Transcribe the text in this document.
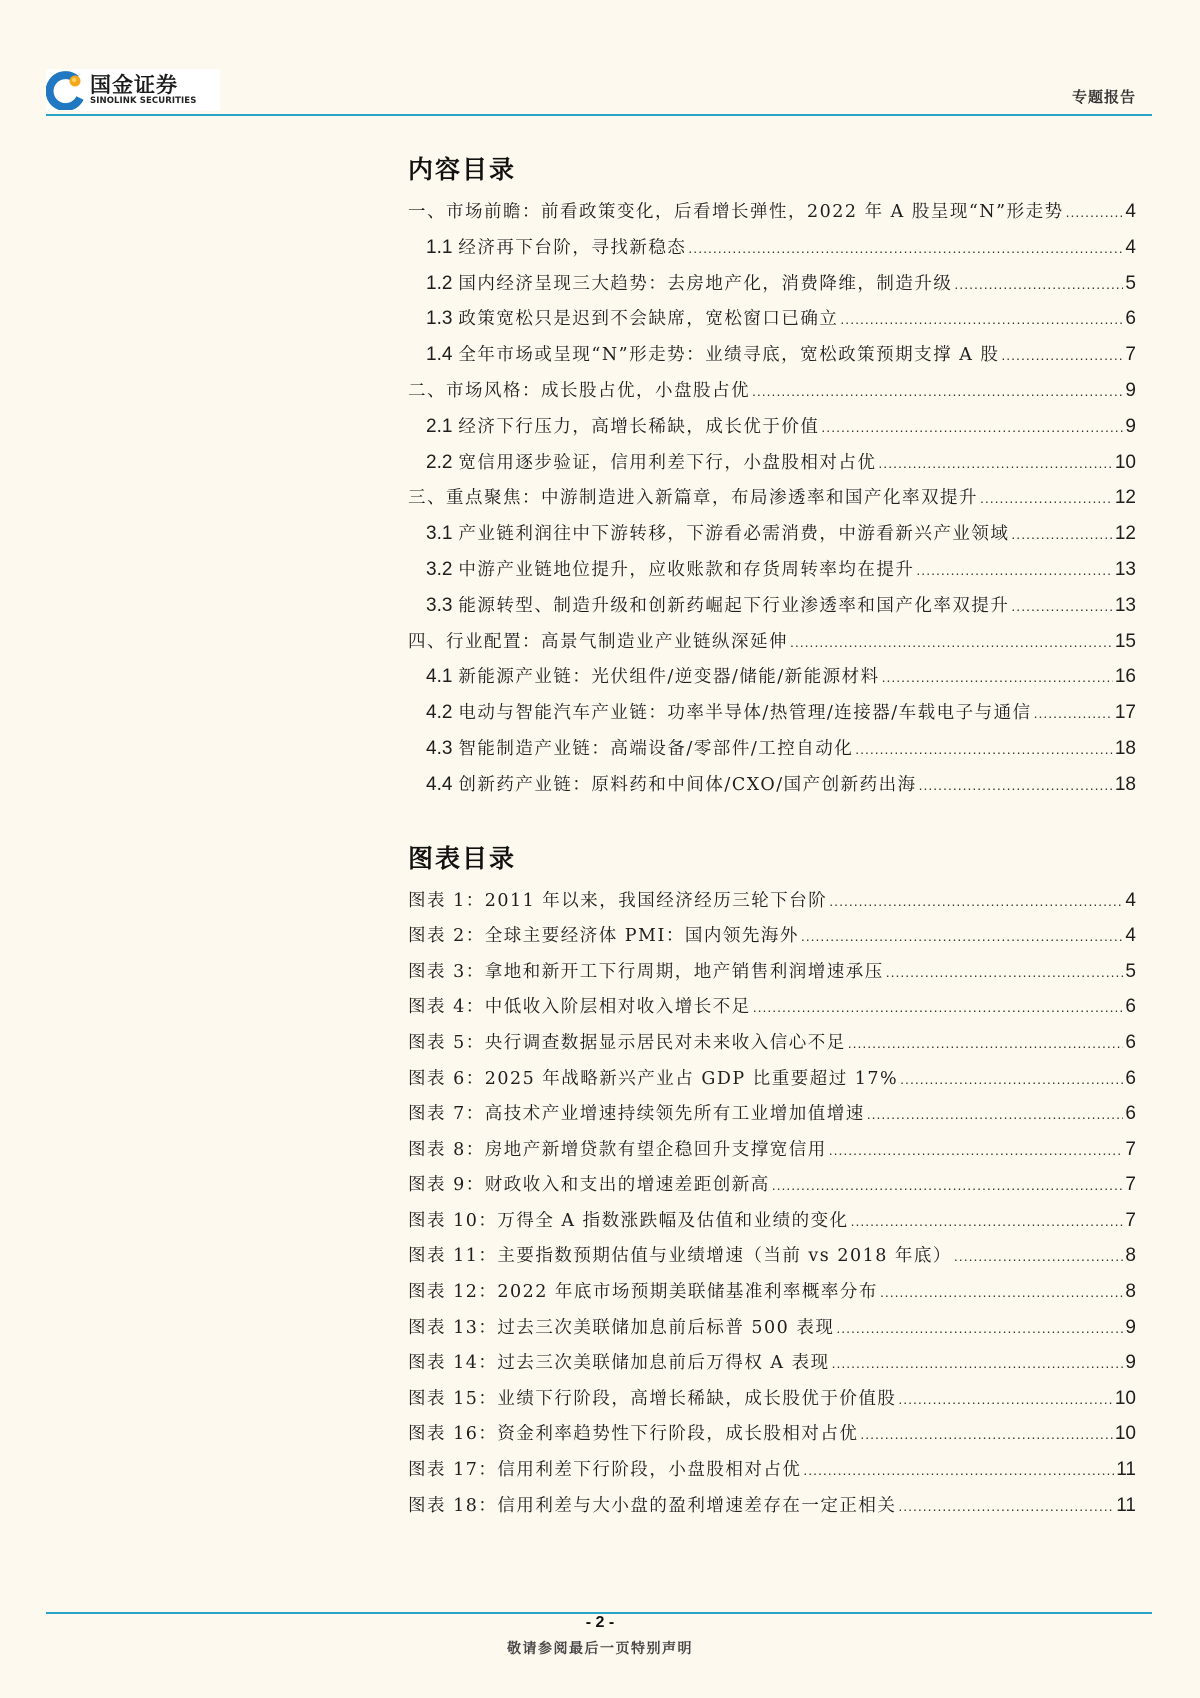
国金证券
SINOLINK SECURITIES	专题报告
内容目录
一、市场前瞻：前看政策变化，后看增长弹性，2022 年 A 股呈现“N”形走势 .....	4
1.1 经济再下台阶，寻找新稳态 .....	4
1.2 国内经济呈现三大趋势：去房地产化，消费降维，制造升级 .....	5
1.3 政策宽松只是迟到不会缺席，宽松窗口已确立 .....	6
1.4 全年市场或呈现“N”形走势：业绩寻底，宽松政策预期支撑 A 股 .....	7
二、市场风格：成长股占优，小盘股占优 .....	9
2.1 经济下行压力，高增长稀缺，成长优于价值 .....	9
2.2 宽信用逐步验证，信用利差下行，小盘股相对占优 .....	10
三、重点聚焦：中游制造进入新篇章，布局渗透率和国产化率双提升 .....	12
3.1 产业链利润往中下游转移，下游看必需消费，中游看新兴产业领域 .....	12
3.2 中游产业链地位提升，应收账款和存货周转率均在提升 .....	13
3.3 能源转型、制造升级和创新药崛起下行业渗透率和国产化率双提升 .....	13
四、行业配置：高景气制造业产业链纵深延伸 .....	15
4.1 新能源产业链：光伏组件/逆变器/储能/新能源材料 .....	16
4.2 电动与智能汽车产业链：功率半导体/热管理/连接器/车载电子与通信 .....	17
4.3 智能制造产业链：高端设备/零部件/工控自动化 .....	18
4.4 创新药产业链：原料药和中间体/CXO/国产创新药出海 .....	18
图表目录
图表 1：2011 年以来，我国经济经历三轮下台阶 .....	4
图表 2：全球主要经济体 PMI：国内领先海外 .....	4
图表 3：拿地和新开工下行周期，地产销售利润增速承压 .....	5
图表 4：中低收入阶层相对收入增长不足 .....	6
图表 5：央行调查数据显示居民对未来收入信心不足 .....	6
图表 6：2025 年战略新兴产业占 GDP 比重要超过 17% .....	6
图表 7：高技术产业增速持续领先所有工业增加值增速 .....	6
图表 8：房地产新增贷款有望企稳回升支撑宽信用 .....	7
图表 9：财政收入和支出的增速差距创新高 .....	7
图表 10：万得全 A 指数涨跌幅及估值和业绩的变化 .....	7
图表 11：主要指数预期估值与业绩增速（当前 vs 2018 年底） .....	8
图表 12：2022 年底市场预期美联储基准利率概率分布 .....	8
图表 13：过去三次美联储加息前后标普 500 表现 .....	9
图表 14：过去三次美联储加息前后万得权 A 表现 .....	9
图表 15：业绩下行阶段，高增长稀缺，成长股优于价值股 .....	10
图表 16：资金利率趋势性下行阶段，成长股相对占优 .....	10
图表 17：信用利差下行阶段，小盘股相对占优 .....	11
图表 18：信用利差与大小盘的盈利增速差存在一定正相关 .....	11
- 2 -
敬请参阅最后一页特别声明
